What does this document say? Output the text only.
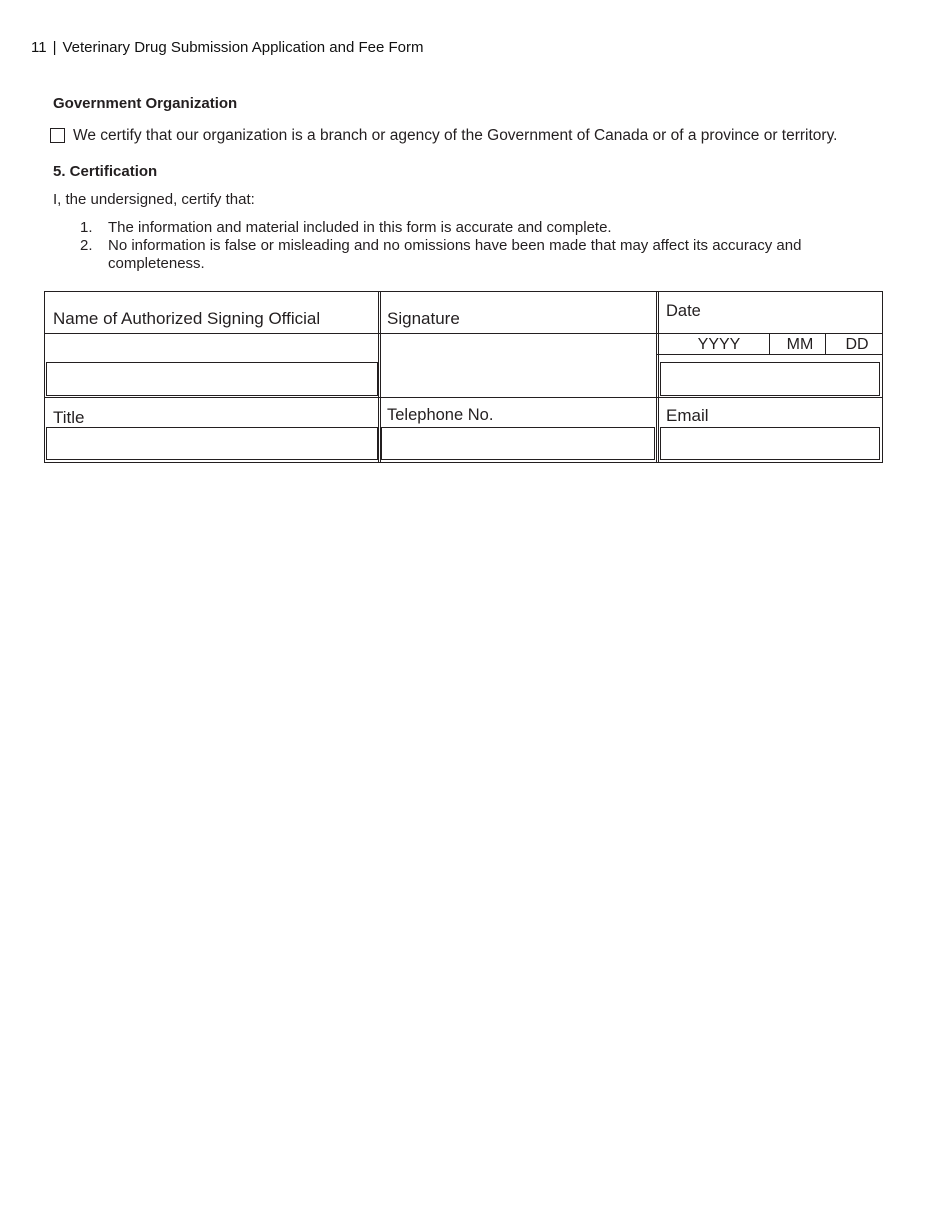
11 | Veterinary Drug Submission Application and Fee Form
Government Organization
We certify that our organization is a branch or agency of the Government of Canada or of a province or territory.
5. Certification
I, the undersigned, certify that:
1.	The information and material included in this form is accurate and complete.
2.	No information is false or misleading and no omissions have been made that may affect its accuracy and completeness.
Name of Authorized Signing Official	Signature	Date
YYYY	MM	DD
Title	Telephone No.	Email
